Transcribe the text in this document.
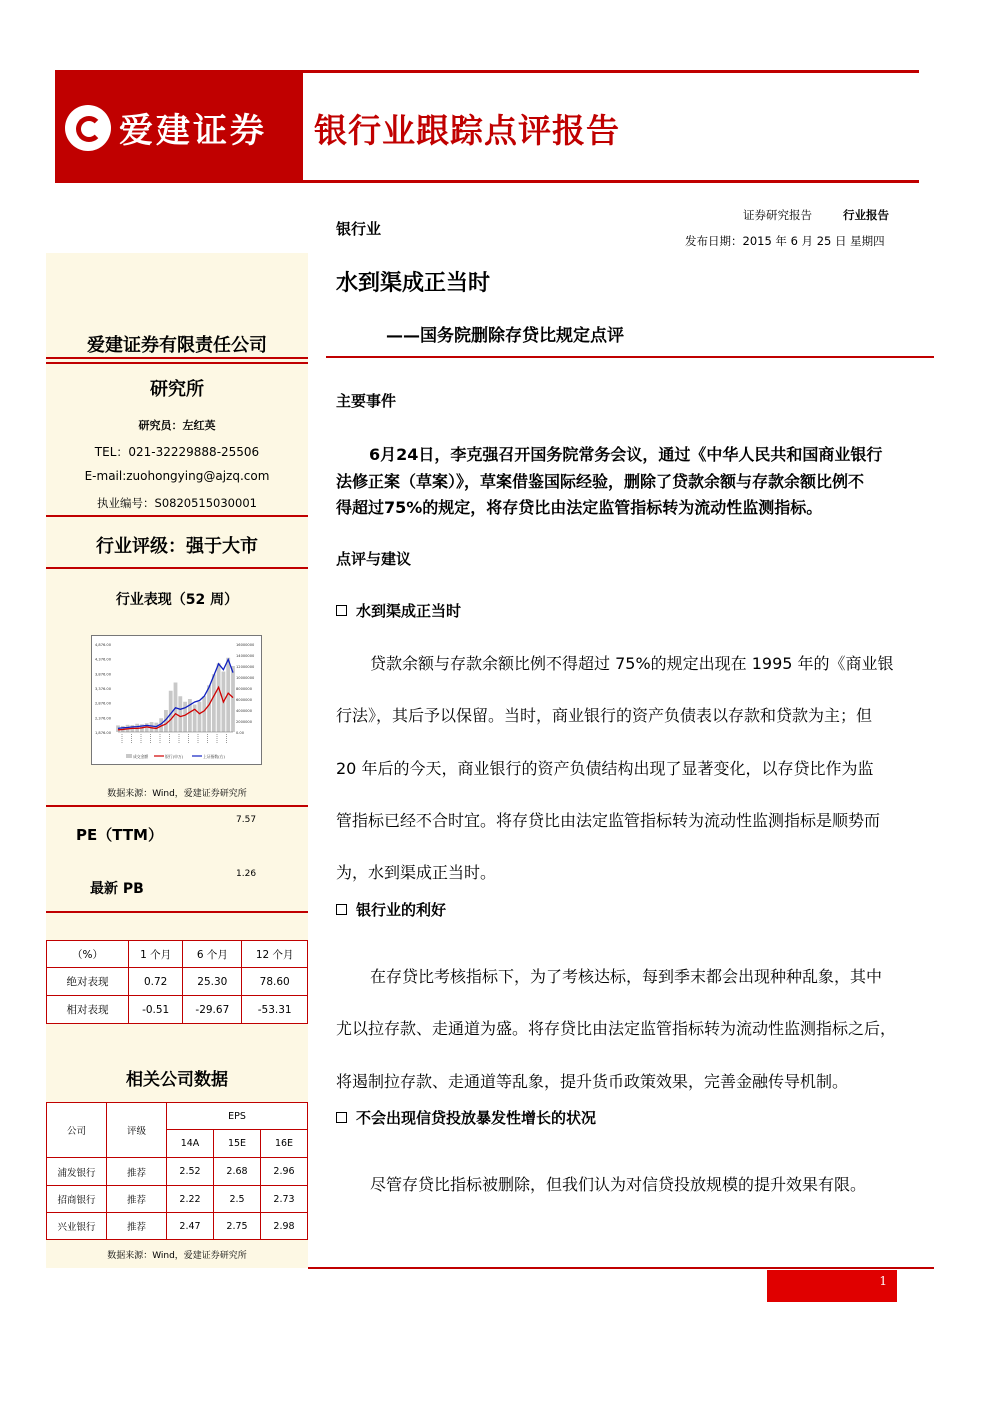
爱建证券 银行业跟踪点评报告
爱建证券有限责任公司
研究所
研究员：左红英
TEL：021-32229888-25506
E-mail:zuohongying@ajzq.com
执业编号：S0820515030001
行业评级：强于大市
行业表现（52 周）
1,876.00
2,376.00
2,876.00
3,376.00
3,876.00
4,376.00
4,876.00
0.00
2000000
4000000
6000000
8000000
10000000
12000000
14000000
16000000
成交金额	银行(申万)	上证指数(右)
数据来源：Wind，爱建证券研究所
PE（TTM）
7.57
最新 PB
1.26
（%）	1 个月	6 个月	12 个月
绝对表现	0.72	25.30	78.60
相对表现	-0.51	-29.67	-53.31
相关公司数据
公司	评级	EPS		
		14A	15E	16E
浦发银行	推荐	2.52	2.68	2.96
招商银行	推荐	2.22	2.5	2.73
兴业银行	推荐	2.47	2.75	2.98
数据来源：Wind，爱建证券研究所
银行业
证券研究报告	行业报告
发布日期：2015 年 6 月 25 日 星期四
水到渠成正当时
——国务院删除存贷比规定点评
主要事件
6月24日，李克强召开国务院常务会议，通过《中华人民共和国商业银行
法修正案（草案）》，草案借鉴国际经验，删除了贷款余额与存款余额比例不
得超过75%的规定，将存贷比由法定监管指标转为流动性监测指标。
点评与建议
水到渠成正当时
贷款余额与存款余额比例不得超过 75%的规定出现在 1995 年的《商业银
行法》，其后予以保留。当时，商业银行的资产负债表以存款和贷款为主；但
20 年后的今天，商业银行的资产负债结构出现了显著变化，以存贷比作为监
管指标已经不合时宜。将存贷比由法定监管指标转为流动性监测指标是顺势而
为，水到渠成正当时。
银行业的利好
在存贷比考核指标下，为了考核达标，每到季末都会出现种种乱象，其中
尤以拉存款、走通道为盛。将存贷比由法定监管指标转为流动性监测指标之后，
将遏制拉存款、走通道等乱象，提升货币政策效果，完善金融传导机制。
不会出现信贷投放暴发性增长的状况
尽管存贷比指标被删除，但我们认为对信贷投放规模的提升效果有限。
1
